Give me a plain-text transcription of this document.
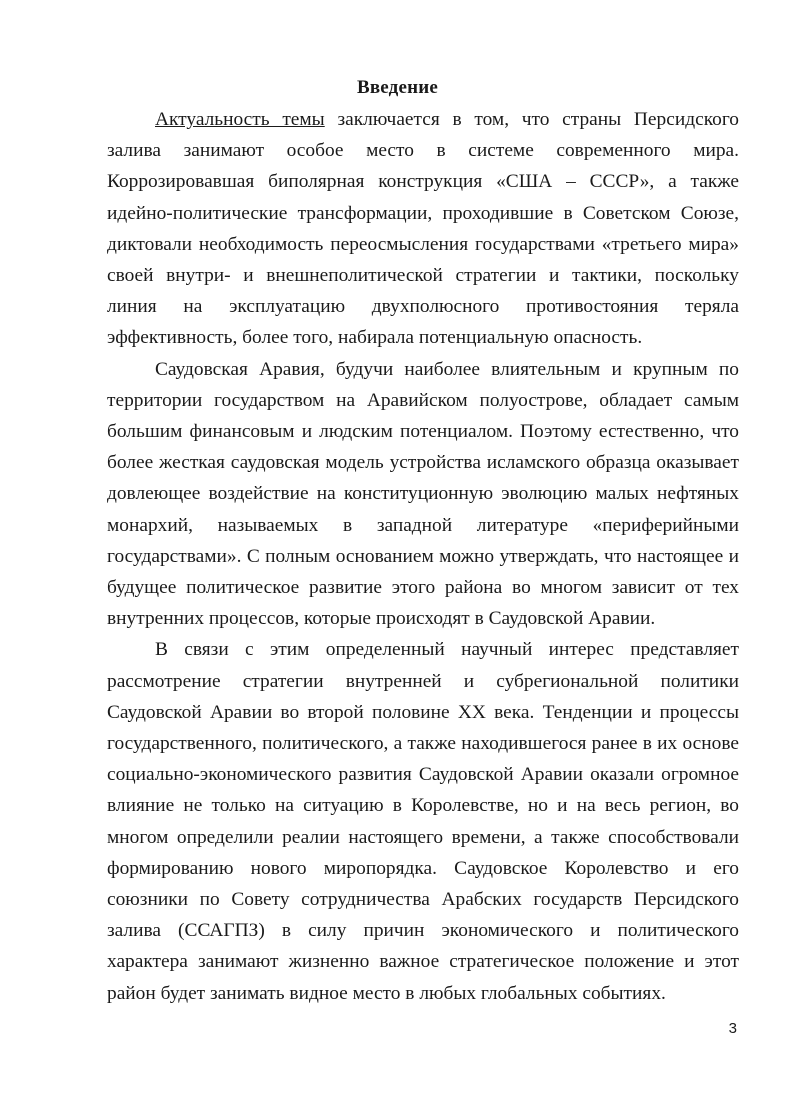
Введение

Актуальность темы заключается в том, что страны Персидского залива занимают особое место в системе современного мира. Коррозировавшая биполярная конструкция «США – СССР», а также идейно-политические трансформации, проходившие в Советском Союзе, диктовали необходимость переосмысления государствами «третьего мира» своей внутри- и внешнеполитической стратегии и тактики, поскольку линия на эксплуатацию двухполюсного противостояния теряла эффективность, более того, набирала потенциальную опасность.

Саудовская Аравия, будучи наиболее влиятельным и крупным по территории государством на Аравийском полуострове, обладает самым большим финансовым и людским потенциалом. Поэтому естественно, что более жесткая саудовская модель устройства исламского образца оказывает довлеющее воздействие на конституционную эволюцию малых нефтяных монархий, называемых в западной литературе «периферийными государствами». С полным основанием можно утверждать, что настоящее и будущее политическое развитие этого района во многом зависит от тех внутренних процессов, которые происходят в Саудовской Аравии.

В связи с этим определенный научный интерес представляет рассмотрение стратегии внутренней и субрегиональной политики Саудовской Аравии во второй половине XX века. Тенденции и процессы государственного, политического, а также находившегося ранее в их основе социально-экономического развития Саудовской Аравии оказали огромное влияние не только на ситуацию в Королевстве, но и на весь регион, во многом определили реалии настоящего времени, а также способствовали формированию нового миропорядка. Саудовское Королевство и его союзники по Совету сотрудничества Арабских государств Персидского залива (ССАГПЗ) в силу причин экономического и политического характера занимают жизненно важное стратегическое положение и этот район будет занимать видное место в любых глобальных событиях.

3
